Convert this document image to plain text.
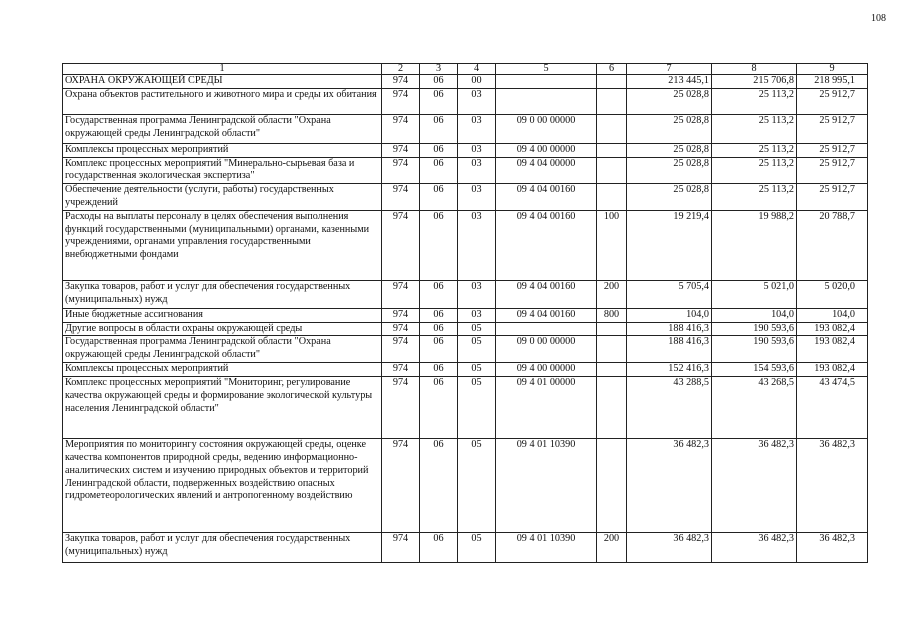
108
1	2	3	4	5	6	7	8	9
ОХРАНА ОКРУЖАЮЩЕЙ СРЕДЫ	974	06	00			213 445,1	215 706,8	218 995,1
Охрана объектов растительного и животного мира и среды их обитания	974	06	03			25 028,8	25 113,2	25 912,7
Государственная программа Ленинградской области "Охрана окружающей среды Ленинградской области"	974	06	03	09 0 00 00000		25 028,8	25 113,2	25 912,7
Комплексы процессных мероприятий	974	06	03	09 4 00 00000		25 028,8	25 113,2	25 912,7
Комплекс процессных мероприятий "Минерально-сырьевая база и государственная экологическая экспертиза"	974	06	03	09 4 04 00000		25 028,8	25 113,2	25 912,7
Обеспечение деятельности (услуги, работы) государственных учреждений	974	06	03	09 4 04 00160		25 028,8	25 113,2	25 912,7
Расходы на выплаты персоналу в целях обеспечения выполнения функций государственными (муниципальными) органами, казенными учреждениями, органами управления государственными внебюджетными фондами	974	06	03	09 4 04 00160	100	19 219,4	19 988,2	20 788,7
Закупка товаров, работ и услуг для обеспечения государственных (муниципальных) нужд	974	06	03	09 4 04 00160	200	5 705,4	5 021,0	5 020,0
Иные бюджетные ассигнования	974	06	03	09 4 04 00160	800	104,0	104,0	104,0
Другие вопросы в области охраны окружающей среды	974	06	05			188 416,3	190 593,6	193 082,4
Государственная программа Ленинградской области "Охрана окружающей среды Ленинградской области"	974	06	05	09 0 00 00000		188 416,3	190 593,6	193 082,4
Комплексы процессных мероприятий	974	06	05	09 4 00 00000		152 416,3	154 593,6	193 082,4
Комплекс процессных мероприятий "Мониторинг, регулирование качества окружающей среды и формирование экологической культуры населения Ленинградской области"	974	06	05	09 4 01 00000		43 288,5	43 268,5	43 474,5
Мероприятия по мониторингу состояния окружающей среды, оценке качества компонентов природной среды, ведению информационно-аналитических систем и изучению природных объектов и территорий Ленинградской области, подверженных воздействию опасных гидрометеорологических явлений и антропогенному воздействию	974	06	05	09 4 01 10390		36 482,3	36 482,3	36 482,3
Закупка товаров, работ и услуг для обеспечения государственных (муниципальных) нужд	974	06	05	09 4 01 10390	200	36 482,3	36 482,3	36 482,3
